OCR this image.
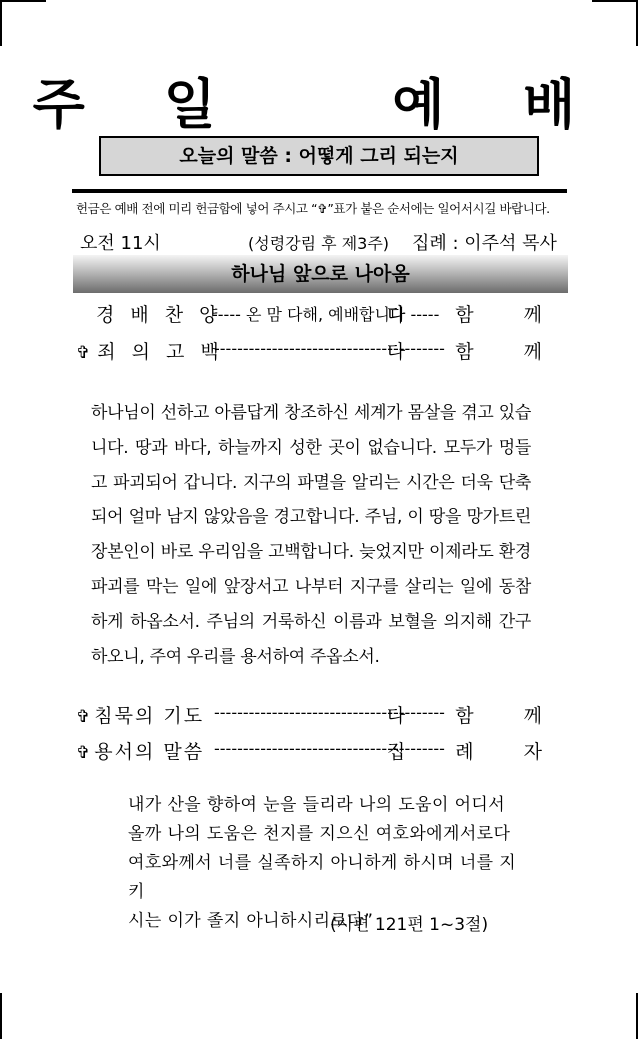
주 일   예 배
오늘의 말씀 : 어떻게 그리 되는지
헌금은 예배 전에 미리 헌금함에 넣어 주시고 “✞”표가 붙은 순서에는 일어서시길 바랍니다.
오전 11시	(성령강림 후 제3주) 집례 : 이주석 목사
하나님 앞으로 나아옴
경 배 찬 양
----- 온 맘 다해, 예배합니다 -----
다 함 께
✞ 죄 의 고 백
----------------------------------------
다 함 께
하나님이 선하고 아름답게 창조하신 세계가 몸살을 겪고 있습니다. 땅과 바다, 하늘까지 성한 곳이 없습니다. 모두가 멍들고 파괴되어 갑니다. 지구의 파멸을 알리는 시간은 더욱 단축되어 얼마 남지 않았음을 경고합니다. 주님, 이 땅을 망가트린 장본인이 바로 우리임을 고백합니다. 늦었지만 이제라도 환경 파괴를 막는 일에 앞장서고 나부터 지구를 살리는 일에 동참하게 하옵소서. 주님의 거룩하신 이름과 보혈을 의지해 간구하오니, 주여 우리를 용서하여 주옵소서.
✞ 침묵의 기도 ----------------------------------------
다 함 께
✞ 용서의 말씀 ----------------------------------------
집 례 자
내가 산을 향하여 눈을 들리라 나의 도움이 어디서
올까 나의 도움은 천지를 지으신 여호와에게서로다
여호와께서 너를 실족하지 아니하게 하시며 너를 지키
시는 이가 졸지 아니하시리로다”
(시편 121편 1~3절)
